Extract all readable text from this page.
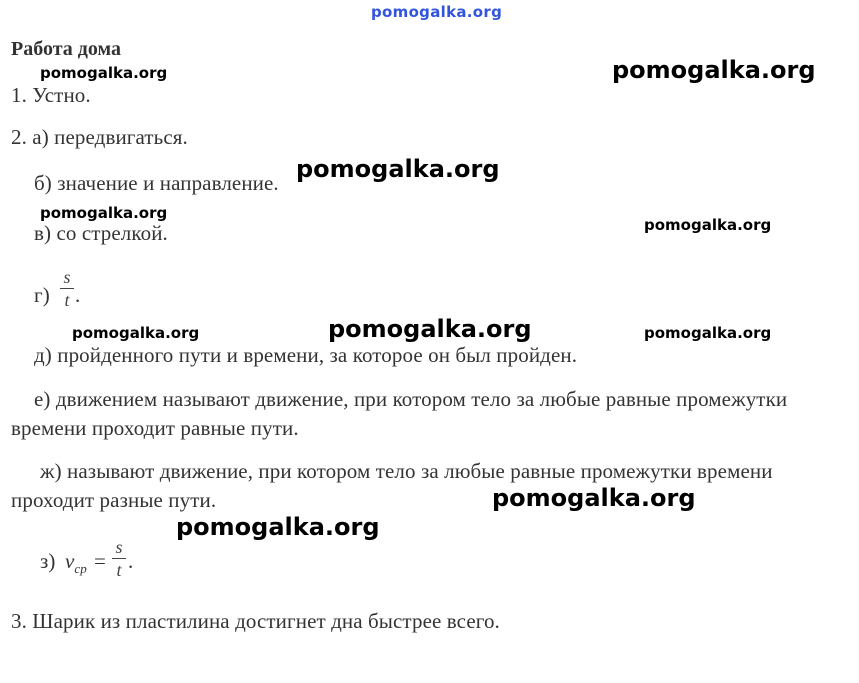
pomogalka.org
Работа дома
1. Устно.
2. а) передвигаться.
б) значение и направление.
в) со стрелкой.
г)
s
t .
д) пройденного пути и времени, за которое он был пройден.
е) движением называют движение, при котором тело за любые равные промежутки
времени проходит равные пути.
ж) называют движение, при котором тело за любые равные промежутки времени
проходит разные пути.
з) $v_{ср}$ =
s
t .
3. Шарик из пластилина достигнет дна быстрее всего.
pomogalka.org	pomogalka.org
pomogalka.org
pomogalka.org
pomogalka.org
pomogalka.org	pomogalka.org	pomogalka.org
pomogalka.org
pomogalka.org
